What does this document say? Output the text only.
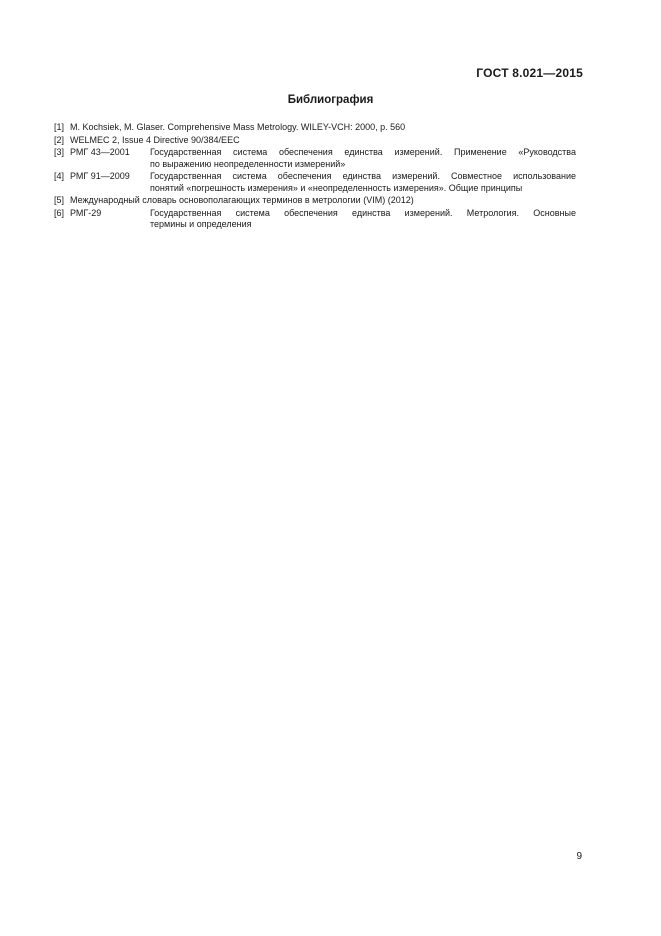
ГОСТ 8.021—2015
Библиография
[1] M. Kochsiek, M. Glaser. Comprehensive Mass Metrology. WILEY-VCH: 2000, p. 560
[2] WELMEC 2, Issue 4 Directive 90/384/EEC
[3] РМГ 43—2001	Государственная система обеспечения единства измерений. Применение «Руководства
по выражению неопределенности измерений»
[4] РМГ 91—2009	Государственная система обеспечения единства измерений. Совместное использование
понятий «погрешность измерения» и «неопределенность измерения». Общие принципы
[5] Международный словарь основополагающих терминов в метрологии (VIM) (2012)
[6] РМГ-29	Государственная система обеспечения единства измерений. Метрология. Основные
термины и определения
9
